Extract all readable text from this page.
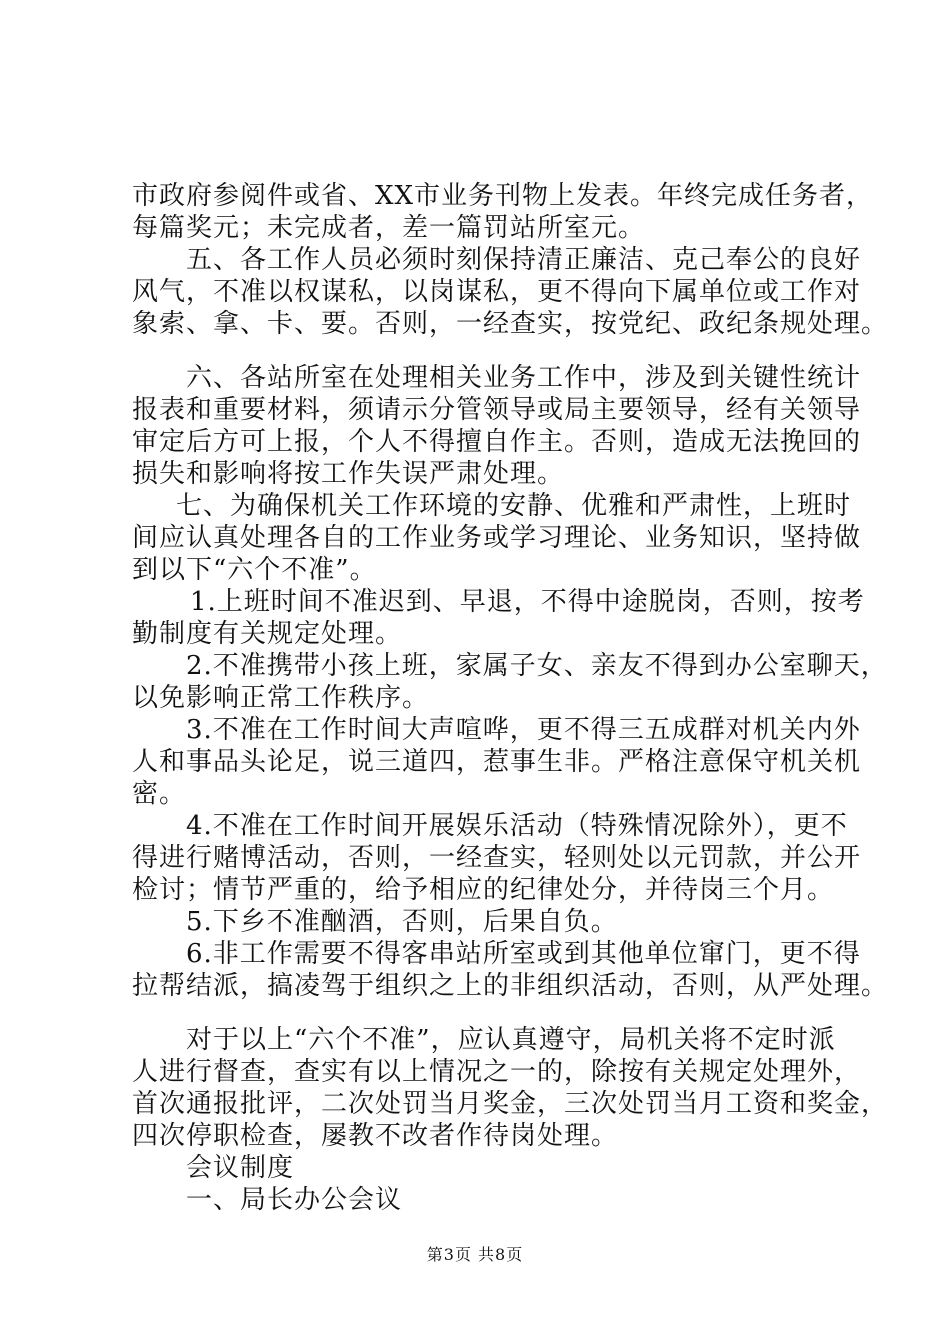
市政府参阅件或省、XX市业务刊物上发表。年终完成任务者，
每篇奖元；未完成者，差一篇罚站所室元。
五、各工作人员必须时刻保持清正廉洁、克己奉公的良好
风气，不准以权谋私，以岗谋私，更不得向下属单位或工作对
象索、拿、卡、要。否则，一经查实，按党纪、政纪条规处理。
六、各站所室在处理相关业务工作中，涉及到关键性统计
报表和重要材料，须请示分管领导或局主要领导，经有关领导
审定后方可上报，个人不得擅自作主。否则，造成无法挽回的
损失和影响将按工作失误严肃处理。
七、为确保机关工作环境的安静、优雅和严肃性，上班时
间应认真处理各自的工作业务或学习理论、业务知识，坚持做
到以下“六个不准”。
1.上班时间不准迟到、早退，不得中途脱岗，否则，按考
勤制度有关规定处理。
2.不准携带小孩上班，家属子女、亲友不得到办公室聊天，
以免影响正常工作秩序。
3.不准在工作时间大声喧哗，更不得三五成群对机关内外
人和事品头论足，说三道四，惹事生非。严格注意保守机关机
密。
4.不准在工作时间开展娱乐活动（特殊情况除外），更不
得进行赌博活动，否则，一经查实，轻则处以元罚款，并公开
检讨；情节严重的，给予相应的纪律处分，并待岗三个月。
5.下乡不准酗酒，否则，后果自负。
6.非工作需要不得客串站所室或到其他单位窜门，更不得
拉帮结派，搞凌驾于组织之上的非组织活动，否则，从严处理。
对于以上“六个不准”，应认真遵守，局机关将不定时派
人进行督查，查实有以上情况之一的，除按有关规定处理外，
首次通报批评，二次处罚当月奖金，三次处罚当月工资和奖金，
四次停职检查，屡教不改者作待岗处理。
会议制度
一、局长办公会议
第3页 共8页
